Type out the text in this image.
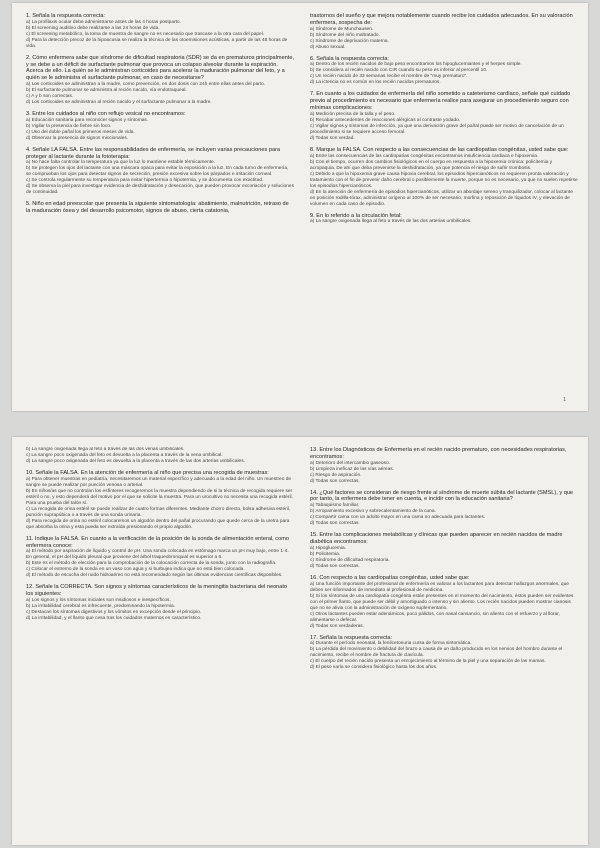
1. Señala la respuesta correcta:

a) La profilaxis ocular debe administrarse antes de las 4 horas postparto.
b) El screening auditivo debe realizarse a las 24 horas de vida.
c) El screening metabólico, la toma de muestra de sangre no es necesario que trascase a la otra cara del papel.
d) Para la detección precoz de la hipoacusia se realiza la técnica de las otoemisiones acústicas, a partir de las 48 horas de vida.

2. Cómo enfermera sabe que síndrome de dificultad respiratoria (SDR) se da en prematuros principalmente, y se debe a un déficit de surfactante pulmonar que provoca un colapso alveolar durante la espiración. Acerca de ello. La quién se le administran corticoides para acelerar la maduración pulmonar del feto, y a quién se le administra el surfactante pulmonar, en caso de necesitarse?

a) Los corticoides se administran a la madre, como prevención, en dos dosis con 24h entre ellas antes del parto.
b) El surfactante pulmonar se administra al recién nacido, vía endotraqueal.
c) A y b son correctas.
d) Los corticoides se administran al recién nacido y el surfactante pulmonar a la madre.

3. Entre los cuidados al niño con reflujo vesical no encontramos:

a) Educación sanitaria para reconocer signos y síntomas.
b) Vigilar la presencia de fiebre sin foco.
c) Uso del doble pañal los primeros meses de vida.
d) Observar la presencia de signos miccionales.

4. Señale LA FALSA. Entre las responsabilidades de enfermería, se incluyen varias precauciones para proteger al lactante durante la fototerapia:

a) No hace falta controlar la temperatura ya que la luz lo mantiene estable térmicamente.
b) Se protegen los ojos del lactante con una máscara opaca para evitar la exposición a la luz. En cada turno de enfermería, se comprueban los ojos para detectar signos de secreción, presión excesiva sobre los párpados e irritación corneal.
c) Se controla regularmente su temperatura para evitar hipertermia o hipotermia, y se documenta con exactitud.
d) Se observa la piel para investigar evidencia de deshidratación y desecación, que pueden provocar excoriación y soluciones de continuidad.

5. Niño en edad preescolar que presenta la siguiente sintomatología: abatimiento, malnutrición, retraso de la maduración ósea y del desarrollo psicomotor, signos de abuso, cierta catatonia,

trastornos del sueño y que mejora notablemente cuando recibe los cuidados adecuados. En su valoración enfermera, sospecha de:

a) Síndrome de Munchausen.
b) Síndrome del niño maltratado.
c) Síndrome de deprivación materna.
d) Abuso sexual.

6. Señala la respuesta correcta:

a) Dentro de los recién nacidos de bajo peso encontramos los hipoglucemiantes y el herpes simple.
b) Se considera al recién nacido con CIR cuando su peso es inferior al percentil 10.
c) Un recién nacido de 33 semanas recibe el nombre de "muy prematuro".
d) La ictericia no es común en los recién nacidos prematuros.

7. En cuanto a los cuidados de enfermería del niño sometido a cateterismo cardíaco, señale qué cuidado previo al procedimiento es necesario que enfermería realice para asegurar un procedimiento seguro con mínimas complicaciones:

a) Medición precisa de la talla y el peso.
b) Recabar antecedentes de reacciones alérgicas al contraste yodado.
c) Vigilar signos y síntomas de infección, ya que una derivación grave del pañal puede ser motivo de cancelación de un procedimiento si se requiere acceso femoral.
d) Todas son verdad.

8. Marque la FALSA. Con respecto a las consecuencias de las cardiopatías congénitas, usted sabe que:

a) Entre las consecuencias de las cardiopatías congénitas encontramos insuficiencia cardiaca e hipoxemia.
b) Con el tiempo, ocurren dos cambios fisiológicos en el cuerpo en respuesta a la hipoxemia crónica: policitemia y acropaquia. De ahí que deba prevenirse la deshidratación, ya que potencia el riesgo de sufrir trombosis.
c) Debido a que la hipoxemia grave causa hipoxia cerebral, los episodios hipercianóticos no requieren pronta valoración y tratamiento con el fin de prevenir daño cerebral o posiblemente la muerte, porque no es necesario, ya que no suelen repetirse los episodios hipercianóticos.
d) En la atención de enfermería de episodios hipercianóticos, utilizar un abordaje sereno y tranquilizador, colocar al lactante en posición rodilla-tórax, administrar oxígeno al 100% de ser necesario, morfina y reposición de líquidos IV, y elevación de volumen en cada caso de episodio.

9. En lo referido a la circulación fetal:

a) La sangre oxigenada llega al feto a través de las dos arterias umbilicales.
1
b) La sangre oxigenada llega al feto a través de las dos venas umbilicales.
c) La sangre poco oxigenada del feto es devuelta a la placenta a través de la vena umbilical.
d) La sangre poco oxigenada del feto es devuelta a la placenta a través de las dos arterias umbilicales.

10. Señale la FALSA. En la atención de enfermería al niño que precisa una recogida de muestras:

a) Para obtener muestras en pediatría, necesitaremos un material específico y adecuado a la edad del niño. Un muestreo de sangre se puede realizar por punción venosa o arterial.
b) En niños/as que no controlan los esfínteres recogeremos la muestra dependiendo de si la técnica de recogida requiere ser estéril o no, y esto dependerá del motivo por el que se solicite la muestra. Para un urocultivo no necesita una recogida estéril. Para una prueba del talón sí.
c) La recogida de orina estéril se puede realizar de cuatro formas diferentes. Mediante chorro directo, bolsa adhesiva estéril, punción suprapúbica o a través de una sonda urinaria.
d) Para recogida de orina no estéril colocaremos un algodón dentro del pañal procurando que quede cerca de la uretra para que absorba la orina y esta pueda ser extraída presionando el propio algodón.

11. Indique la FALSA. En cuanto a la verificación de la posición de la sonda de alimentación enteral, como enfermera conoce:

a) El método por aspiración de líquido y control de pH. Una sonda colocada en estómago marca un pH muy bajo, entre 1-4. En general, el pH del líquido pleural que proviene del árbol traqueobronquial es superior a 6.
b) Este es el método de elección para la comprobación de la colocación correcta de la sonda, junto con la radiografía.
c) Colocar el extremo de la sonda en un vaso con agua y si burbujea indica que no está bien colocada.
d) El método de escucha del ruido hidroaéreo no está recomendado según las últimas evidencias científicas disponibles.

12. Señale la CORRECTA. Son signos y síntomas característicos de la meningitis bacteriana del neonato los siguientes:

a) Los signos y los síntomas iniciales son insidiosos e inespecíficos.
b) La irritabilidad cerebral es infrecuente, predominando la hipotermia.
c) Destacan los síntomas digestivos y los vómitos en excepción desde el principio.
d) La irritabilidad, y el llanto que cesa tras los cuidados maternos es característico.

13. Entre los Diagnósticos de Enfermería en el recién nacido prematuro, con necesidades respiratorias, encontramos:

a) Deterioro del intercambio gaseoso.
b) Limpieza ineficaz de las vías aéreas.
c) Riesgo de aspiración.
d) Todas son correctas.

14. ¿Qué factores se consideran de riesgo frente al síndrome de muerte súbita del lactante (SMSL), y que por tanto, la enfermera debe tener en cuenta, e incidir con la educación sanitaria?

a) Tabaquismo familiar.
b) Arropamiento excesivo y sobrecalentamiento de la cuna.
c) Compartir cama con un adulto mayor en una cama no adecuada para lactantes.
d) Todas son correctas.

15. Entre las complicaciones metabólicas y clínicas que pueden aparecer en recién nacidos de madre diabética encontramos:

a) Hipoglucemia.
b) Policitemia.
c) Síndrome de dificultad respiratoria.
d) Todas son correctas.

16. Con respecto a las cardiopatías congénitas, usted sabe que:

a) Una función importante del profesional de enfermería es valorar a los lactantes para detectar hallazgos anormales, que deben ser informados de inmediato al profesional de medicina.
b) Si los síntomas de una cardiopatía congénita están presentes en el momento del nacimiento, éstos pueden ser evidentes con el primer llanto, que puede ser débil y amortiguado o intenso y sin aliento. Los recién nacidos pueden mostrar cianosis que no se alivia con la administración de oxígeno suplementario.
c) Otros lactantes pueden estar adenámicos, poco pálidos, con nasal cansancio, sin aliento con el esfuerzo y al llorar, alimentarse o defecar.
d) Todas son verdaderas.

17. Señala la respuesta correcta:

a) Durante el período neonatal, la fenilcetonuria cursa de forma sintomática.
b) La pérdida del movimiento o debilidad del brazo a causa de un daño producido en los nervios del hombro durante el nacimiento, recibe el nombre de fractura de clavícula.
c) El cuerpo del recién nacido presenta un enrojecimiento al término de la piel y una separación de las mamas.
d) El peso varía se considera fisiológico hasta los dos años.
